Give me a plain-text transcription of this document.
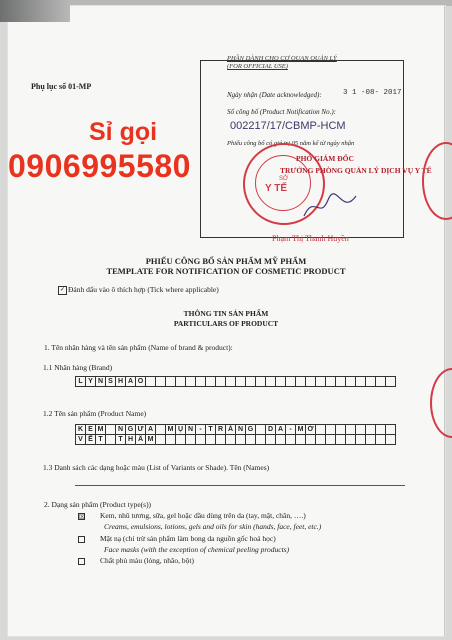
Phụ lục số 01-MP
PHẦN DÀNH CHO CƠ QUAN QUẢN LÝ
(FOR OFFICIAL USE)
Ngày nhận (Date acknowledged):	3 1 -08- 2017
Số công bố (Product Notification No.):
002217/17/CBMP-HCM
Phiếu công bố có giá trị 05 năm kể từ ngày nhận
SỞ
Y TẾ
PHÓ GIÁM ĐỐC
TRƯỞNG PHÒNG QUẢN LÝ DỊCH VỤ Y TẾ
Phạm Thị Thanh Huyền
Sỉ gọi
0906995580
PHIẾU CÔNG BỐ SẢN PHẨM MỸ PHẨM
TEMPLATE FOR NOTIFICATION OF COSMETIC PRODUCT
✓ Đánh dấu vào ô thích hợp (Tick where applicable)
THÔNG TIN SẢN PHẨM
PARTICULARS OF PRODUCT
1. Tên nhãn hàng và tên sản phẩm (Name of brand & product):
1.1 Nhãn hàng (Brand)
L Y N S H A O
1.2 Tên sản phẩm (Product Name)
K E M	N G Ừ A	M Ụ N - T R Ắ N G	D A - M Ờ
V Ế T	T H Â M
1.3 Danh sách các dạng hoặc màu (List of Variants or Shade). Tên (Names)
2. Dạng sản phẩm (Product type(s))
☒ Kem, nhũ tương, sữa, gel hoặc dầu dùng trên da (tay, mặt, chân, ….)
Creams, emulsions, lotions, gels and oils for skin (hands, face, feet, etc.)
Mặt nạ (chỉ trừ sản phẩm làm bong da nguồn gốc hoá học)
Face masks (with the exception of chemical peeling products)
Chất phủ màu (lỏng, nhão, bột)
